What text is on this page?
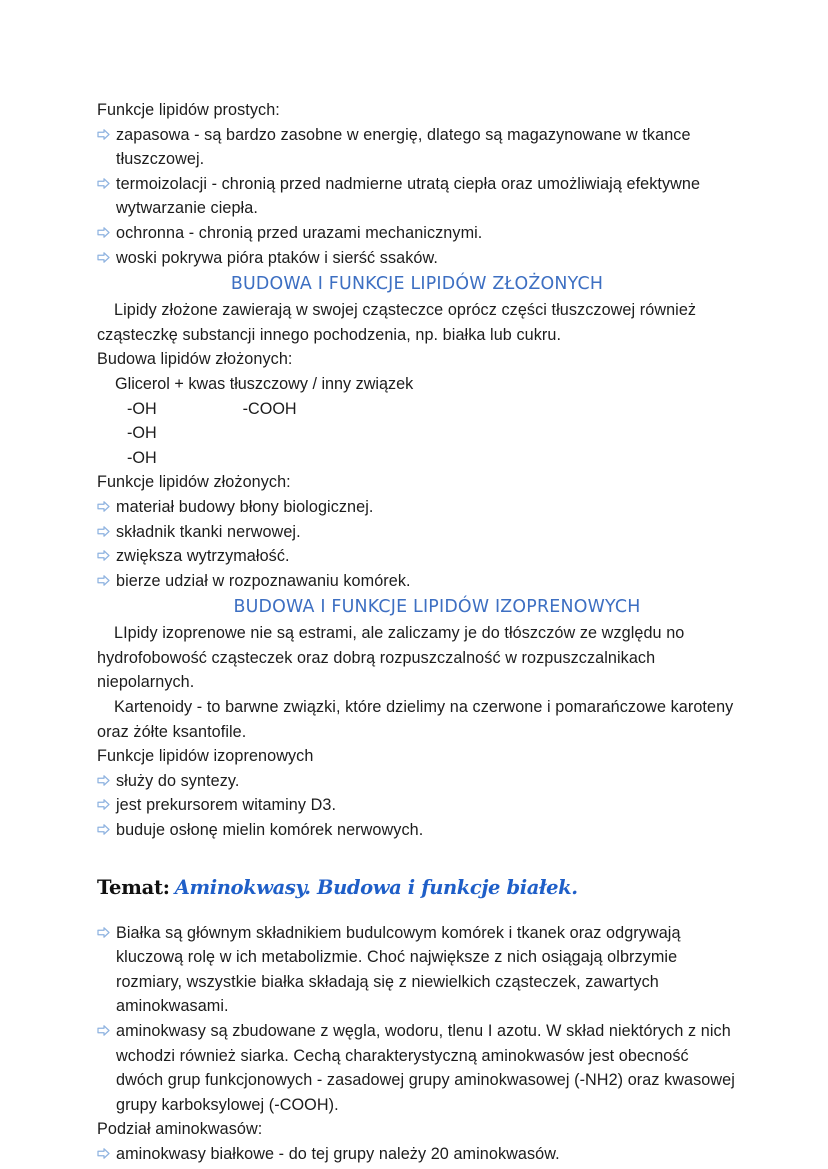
Funkcje lipidów prostych:
zapasowa - są bardzo zasobne w energię, dlatego są magazynowane w tkance tłuszczowej.
termoizolacji - chronią przed nadmierne utratą ciepła oraz umożliwiają efektywne wytwarzanie ciepła.
ochronna - chronią przed urazami mechanicznymi.
woski pokrywa pióra ptaków i sierść ssaków.
BUDOWA I FUNKCJE LIPIDÓW ZŁOŻONYCH
Lipidy złożone zawierają w swojej cząsteczce oprócz części tłuszczowej również cząsteczkę substancji innego pochodzenia, np. białka lub cukru.
Budowa lipidów złożonych:
Glicerol + kwas tłuszczowy / inny związek
-OH	-COOH
-OH
-OH
Funkcje lipidów złożonych:
materiał budowy błony biologicznej.
składnik tkanki nerwowej.
zwiększa wytrzymałość.
bierze udział w rozpoznawaniu komórek.
BUDOWA I FUNKCJE LIPIDÓW IZOPRENOWYCH
LIpidy izoprenowe nie są estrami, ale zaliczamy je do tłószczów ze względu no hydrofobowość cząsteczek oraz dobrą rozpuszczalność w rozpuszczalnikach niepolarnych.
Kartenoidy - to barwne związki, które dzielimy na czerwone i pomarańczowe karoteny oraz żółte ksantofile.
Funkcje lipidów izoprenowych
służy do syntezy.
jest prekursorem witaminy D3.
buduje osłonę mielin komórek nerwowych.
Temat: Aminokwasy. Budowa i funkcje białek.
Białka są głównym składnikiem budulcowym komórek i tkanek oraz odgrywają kluczową rolę w ich metabolizmie. Choć największe z nich osiągają olbrzymie rozmiary, wszystkie białka składają się z niewielkich cząsteczek, zawartych aminokwasami.
aminokwasy są zbudowane z węgla, wodoru, tlenu I azotu. W skład niektórych z nich wchodzi również siarka. Cechą charakterystyczną aminokwasów jest obecność dwóch grup funkcjonowych - zasadowej grupy aminokwasowej (-NH2) oraz kwasowej grupy karboksylowej (-COOH).
Podział aminokwasów:
aminokwasy białkowe - do tej grupy należy 20 aminokwasów.
